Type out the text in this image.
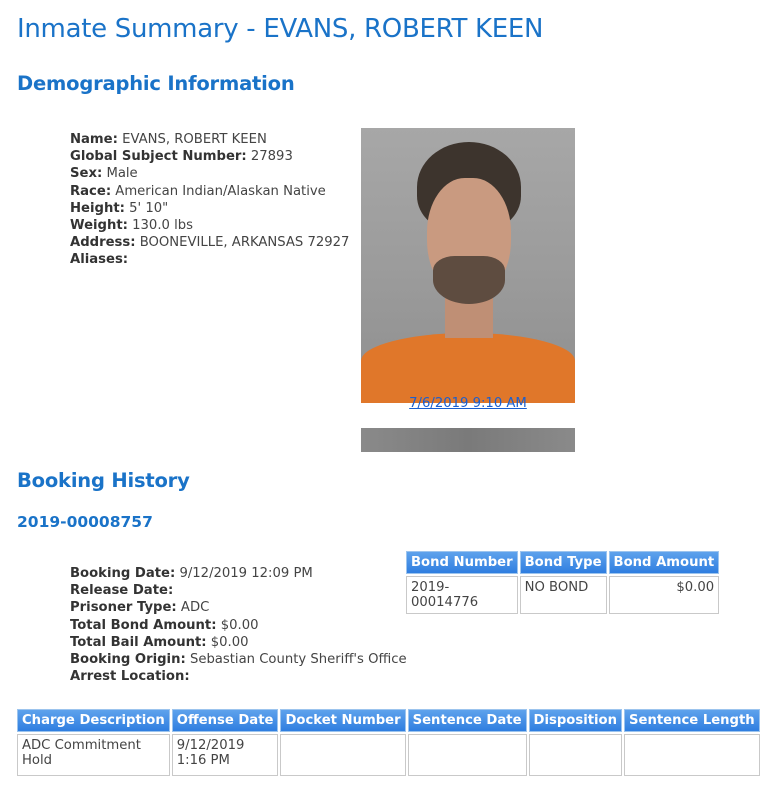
Inmate Summary - EVANS, ROBERT KEEN
Demographic Information
Name: EVANS, ROBERT KEEN
Global Subject Number: 27893
Sex: Male
Race: American Indian/Alaskan Native
Height: 5' 10"
Weight: 130.0 lbs
Address: BOONEVILLE, ARKANSAS 72927
Aliases:
7/6/2019 9:10 AM
Booking History
2019-00008757
Booking Date: 9/12/2019 12:09 PM
Release Date:
Prisoner Type: ADC
Total Bond Amount: $0.00
Total Bail Amount: $0.00
Booking Origin: Sebastian County Sheriff's Office
Arrest Location:
Bond Number	Bond Type	Bond Amount
2019-00014776	NO BOND	$0.00
Charge Description	Offense Date	Docket Number	Sentence Date	Disposition	Sentence Length
ADC Commitment Hold	9/12/2019 1:16 PM				
